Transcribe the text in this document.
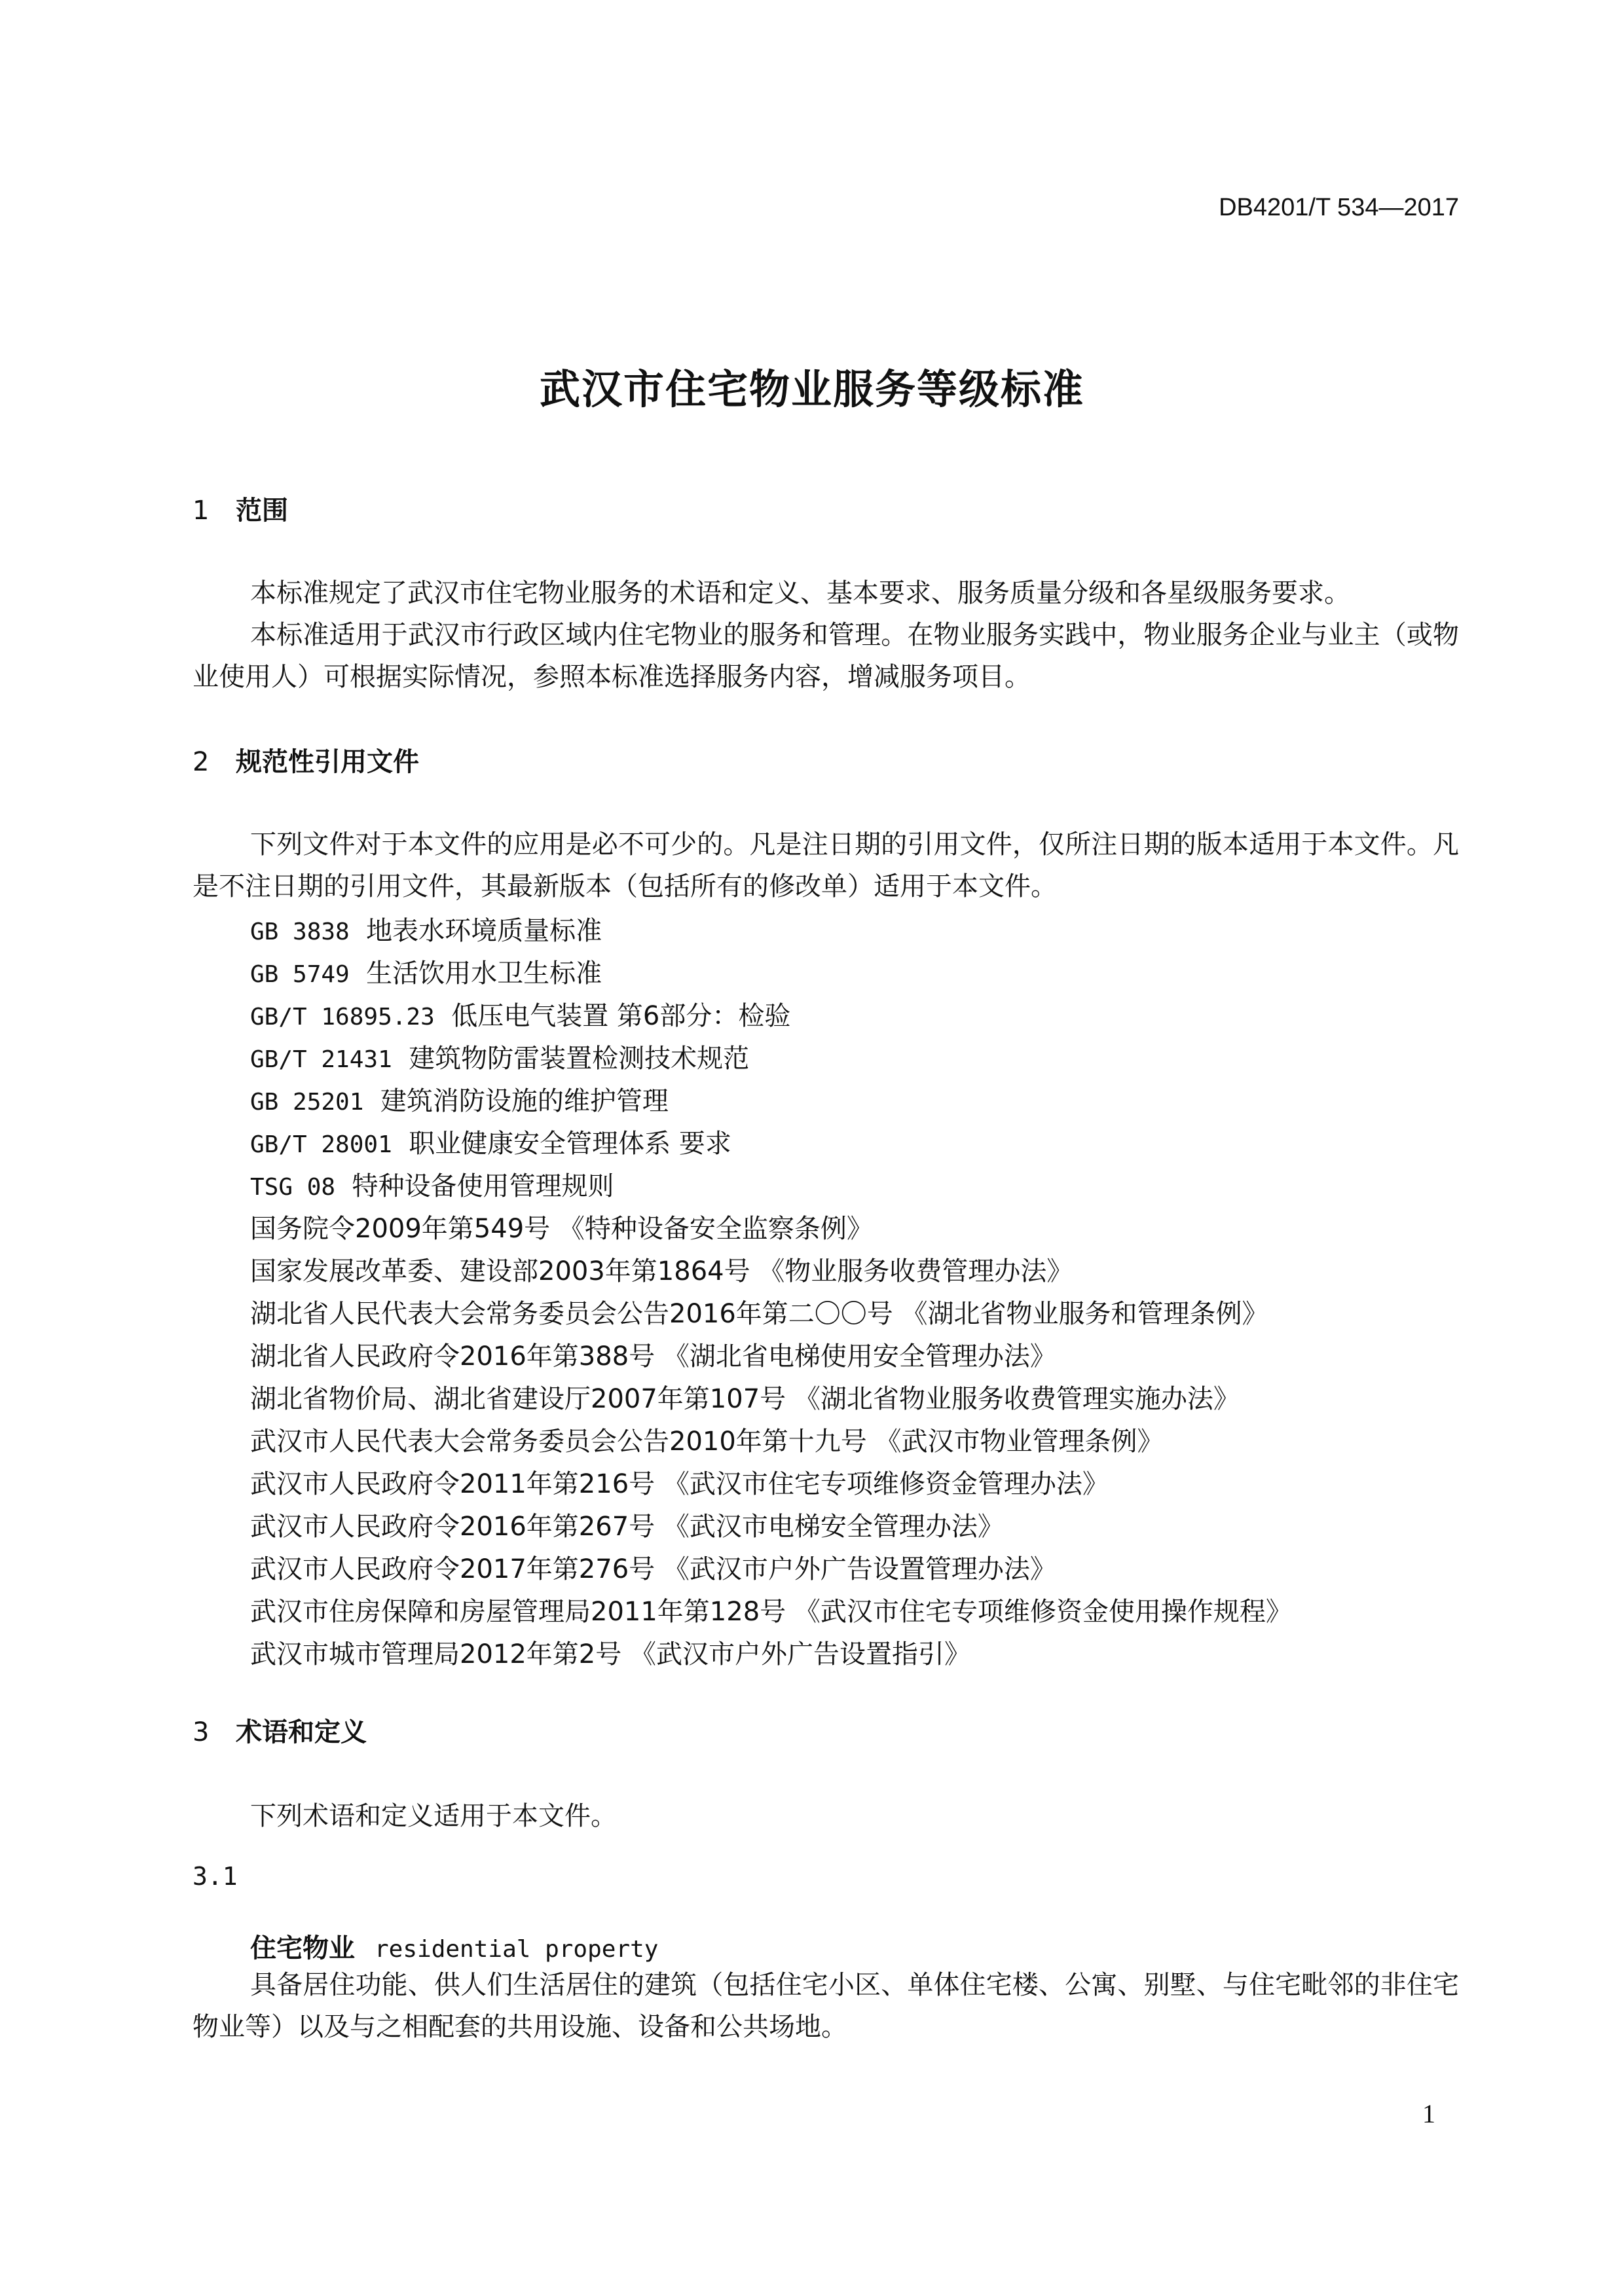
DB4201/T 534—2017
武汉市住宅物业服务等级标准
1 范围
本标准规定了武汉市住宅物业服务的术语和定义、基本要求、服务质量分级和各星级服务要求。
本标准适用于武汉市行政区域内住宅物业的服务和管理。在物业服务实践中，物业服务企业与业主（或物业使用人）可根据实际情况，参照本标准选择服务内容，增减服务项目。
2 规范性引用文件
下列文件对于本文件的应用是必不可少的。凡是注日期的引用文件，仅所注日期的版本适用于本文件。凡是不注日期的引用文件，其最新版本（包括所有的修改单）适用于本文件。
GB 3838 地表水环境质量标准
GB 5749 生活饮用水卫生标准
GB/T 16895.23 低压电气装置 第6部分：检验
GB/T 21431 建筑物防雷装置检测技术规范
GB 25201 建筑消防设施的维护管理
GB/T 28001 职业健康安全管理体系 要求
TSG 08 特种设备使用管理规则
国务院令2009年第549号 《特种设备安全监察条例》
国家发展改革委、建设部2003年第1864号 《物业服务收费管理办法》
湖北省人民代表大会常务委员会公告2016年第二〇〇号 《湖北省物业服务和管理条例》
湖北省人民政府令2016年第388号 《湖北省电梯使用安全管理办法》
湖北省物价局、湖北省建设厅2007年第107号 《湖北省物业服务收费管理实施办法》
武汉市人民代表大会常务委员会公告2010年第十九号 《武汉市物业管理条例》
武汉市人民政府令2011年第216号 《武汉市住宅专项维修资金管理办法》
武汉市人民政府令2016年第267号 《武汉市电梯安全管理办法》
武汉市人民政府令2017年第276号 《武汉市户外广告设置管理办法》
武汉市住房保障和房屋管理局2011年第128号 《武汉市住宅专项维修资金使用操作规程》
武汉市城市管理局2012年第2号 《武汉市户外广告设置指引》
3 术语和定义
下列术语和定义适用于本文件。
3.1
住宅物业 residential property
具备居住功能、供人们生活居住的建筑（包括住宅小区、单体住宅楼、公寓、别墅、与住宅毗邻的非住宅物业等）以及与之相配套的共用设施、设备和公共场地。
1
